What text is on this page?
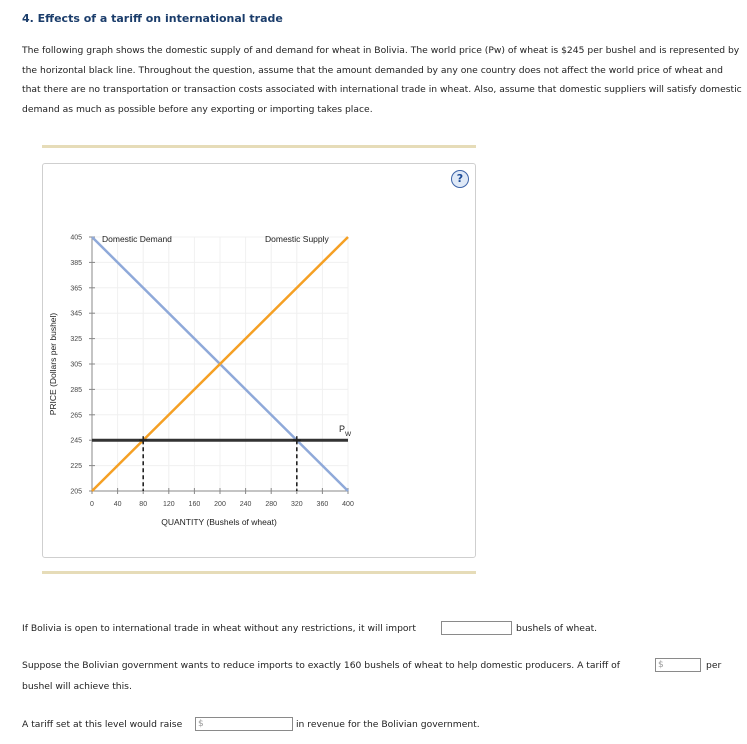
4. Effects of a tariff on international trade
The following graph shows the domestic supply of and demand for wheat in Bolivia. The world price (Pw) of wheat is $245 per bushel and is represented by the horizontal black line. Throughout the question, assume that the amount demanded by any one country does not affect the world price of wheat and that there are no transportation or transaction costs associated with international trade in wheat. Also, assume that domestic suppliers will satisfy domestic demand as much as possible before any exporting or importing takes place.
?
205
225
245
265
285
305
325
345
365
385
405
0	40	80 120 160 200 240 280 320 360 400
Domestic Demand	Domestic Supply
P
W
QUANTITY (Bushels of wheat)
PRICE (Dollars per bushel)
If Bolivia is open to international trade in wheat without any restrictions, it will import	bushels of wheat.
Suppose the Bolivian government wants to reduce imports to exactly 160 bushels of wheat to help domestic producers. A tariff of	$	per
bushel will achieve this.
A tariff set at this level would raise $	in revenue for the Bolivian government.
